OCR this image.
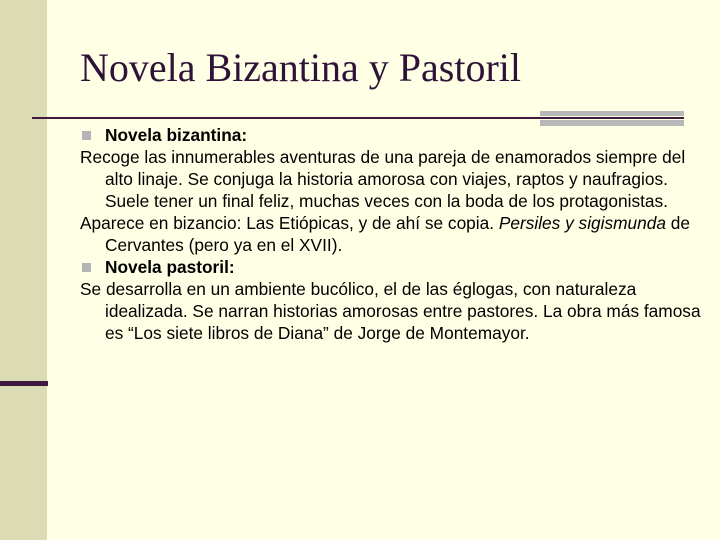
Novela Bizantina y Pastoril

Novela bizantina:

Recoge las innumerables aventuras de una pareja de enamorados siempre del alto linaje. Se conjuga la historia amorosa con viajes, raptos y naufragios. Suele tener un final feliz, muchas veces con la boda de los protagonistas.

Aparece en bizancio: Las Etiópicas, y de ahí se copia. Persiles y sigismunda de Cervantes (pero ya en el XVII).

Novela pastoril:

Se desarrolla en un ambiente bucólico, el de las églogas, con naturaleza idealizada. Se narran historias amorosas entre pastores. La obra más famosa es “Los siete libros de Diana” de Jorge de Montemayor.
